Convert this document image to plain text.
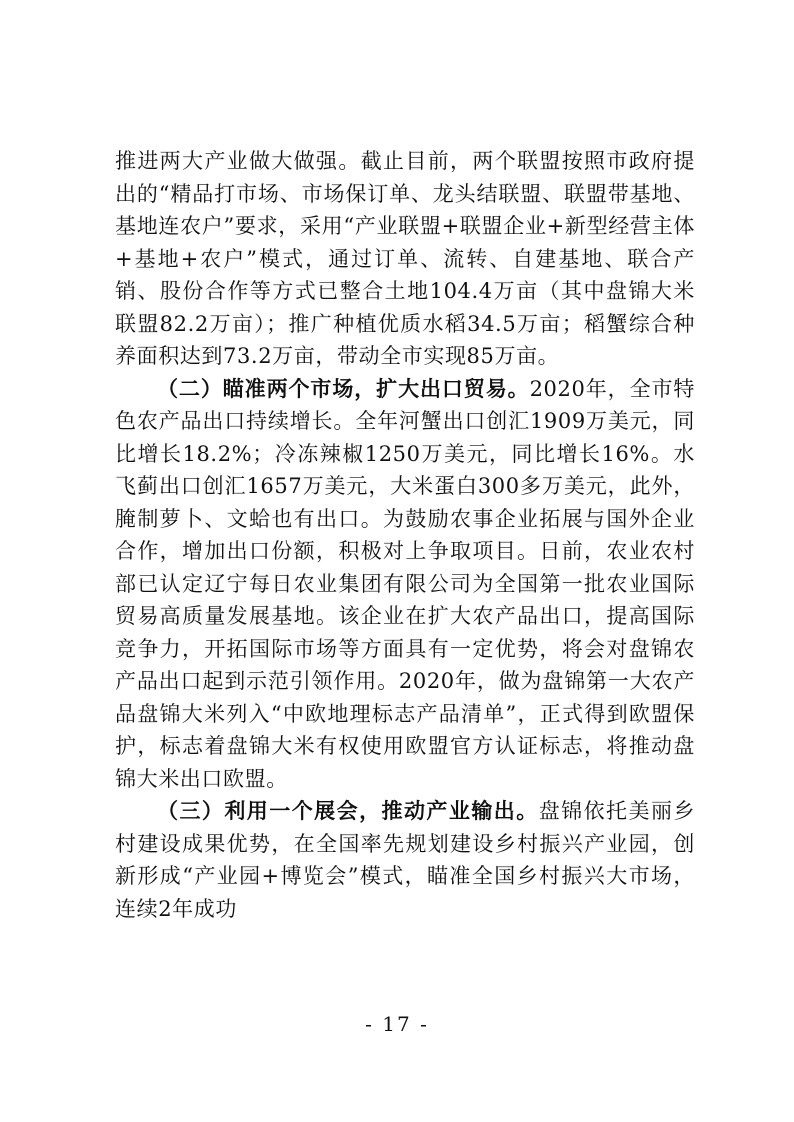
推进两大产业做大做强。截止目前，两个联盟按照市政府提出的“精品打市场、市场保订单、龙头结联盟、联盟带基地、基地连农户”要求，采用“产业联盟+联盟企业+新型经营主体+基地+农户”模式，通过订单、流转、自建基地、联合产销、股份合作等方式已整合土地104.4万亩（其中盘锦大米联盟82.2万亩）；推广种植优质水稻34.5万亩；稻蟹综合种养面积达到73.2万亩，带动全市实现85万亩。

（二）瞄准两个市场，扩大出口贸易。2020年，全市特色农产品出口持续增长。全年河蟹出口创汇1909万美元，同比增长18.2%；冷冻辣椒1250万美元，同比增长16%。水飞蓟出口创汇1657万美元，大米蛋白300多万美元，此外，腌制萝卜、文蛤也有出口。为鼓励农事企业拓展与国外企业合作，增加出口份额，积极对上争取项目。日前，农业农村部已认定辽宁每日农业集团有限公司为全国第一批农业国际贸易高质量发展基地。该企业在扩大农产品出口，提高国际竞争力，开拓国际市场等方面具有一定优势，将会对盘锦农产品出口起到示范引领作用。2020年，做为盘锦第一大农产品盘锦大米列入“中欧地理标志产品清单”，正式得到欧盟保护，标志着盘锦大米有权使用欧盟官方认证标志，将推动盘锦大米出口欧盟。

（三）利用一个展会，推动产业输出。盘锦依托美丽乡村建设成果优势，在全国率先规划建设乡村振兴产业园，创新形成“产业园+博览会”模式，瞄准全国乡村振兴大市场，连续2年成功

- 17 -
